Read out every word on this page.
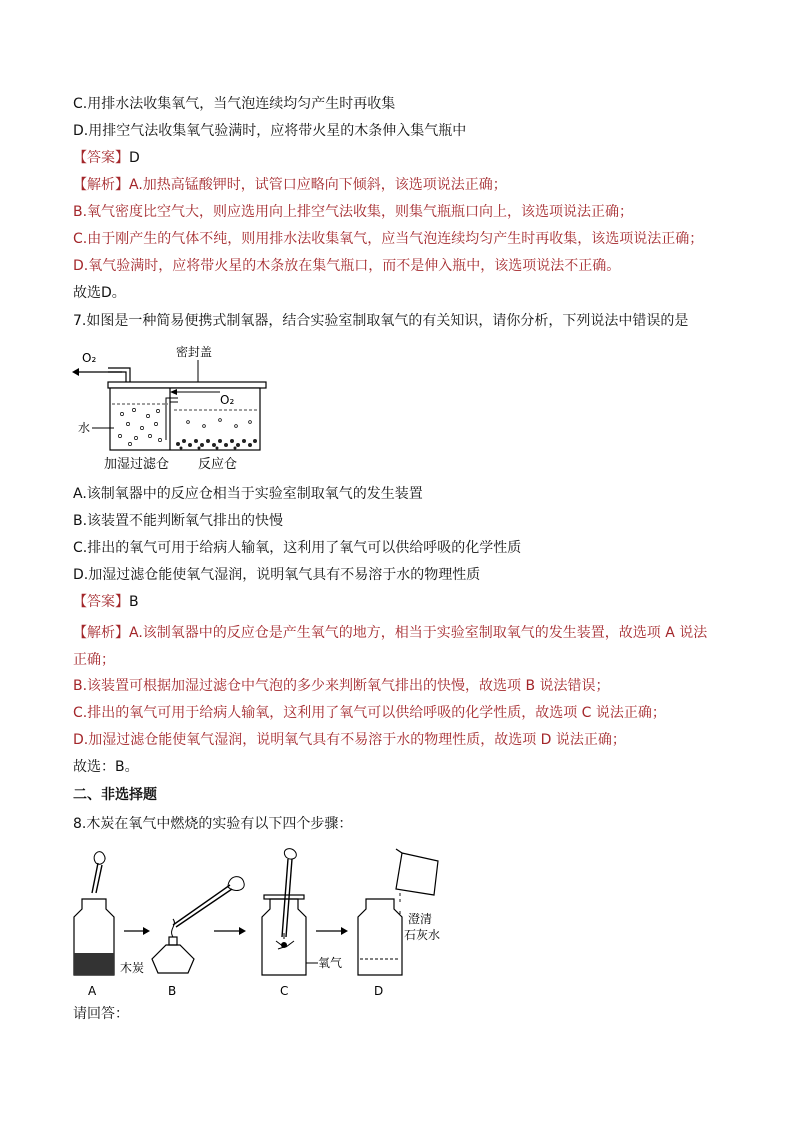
C.用排水法收集氧气，当气泡连续均匀产生时再收集
D.用排空气法收集氧气验满时，应将带火星的木条伸入集气瓶中
【答案】D
【解析】A.加热高锰酸钾时，试管口应略向下倾斜，该选项说法正确；
B.氧气密度比空气大，则应选用向上排空气法收集，则集气瓶瓶口向上，该选项说法正确；
C.由于刚产生的气体不纯，则用排水法收集氧气，应当气泡连续均匀产生时再收集，该选项说法正确；
D.氧气验满时，应将带火星的木条放在集气瓶口，而不是伸入瓶中，该选项说法不正确。
故选D。
7.如图是一种简易便携式制氧器，结合实验室制取氧气的有关知识，请你分析，下列说法中错误的是
O₂	密封盖
O₂
水
加湿过滤仓 反应仓
A.该制氧器中的反应仓相当于实验室制取氧气的发生装置
B.该装置不能判断氧气排出的快慢
C.排出的氧气可用于给病人输氧，这利用了氧气可以供给呼吸的化学性质
D.加湿过滤仓能使氧气湿润，说明氧气具有不易溶于水的物理性质
【答案】B
【解析】A.该制氧器中的反应仓是产生氧气的地方，相当于实验室制取氧气的发生装置，故选项 A 说法正确；
B.该装置可根据加湿过滤仓中气泡的多少来判断氧气排出的快慢，故选项 B 说法错误；
C.排出的氧气可用于给病人输氧，这利用了氧气可以供给呼吸的化学性质，故选项 C 说法正确；
D.加湿过滤仓能使氧气湿润，说明氧气具有不易溶于水的物理性质，故选项 D 说法正确；
故选：B。
二、非选择题
8.木炭在氧气中燃烧的实验有以下四个步骤：
木炭	氧气
澄清
石灰水
A	B	C	D
请回答：
